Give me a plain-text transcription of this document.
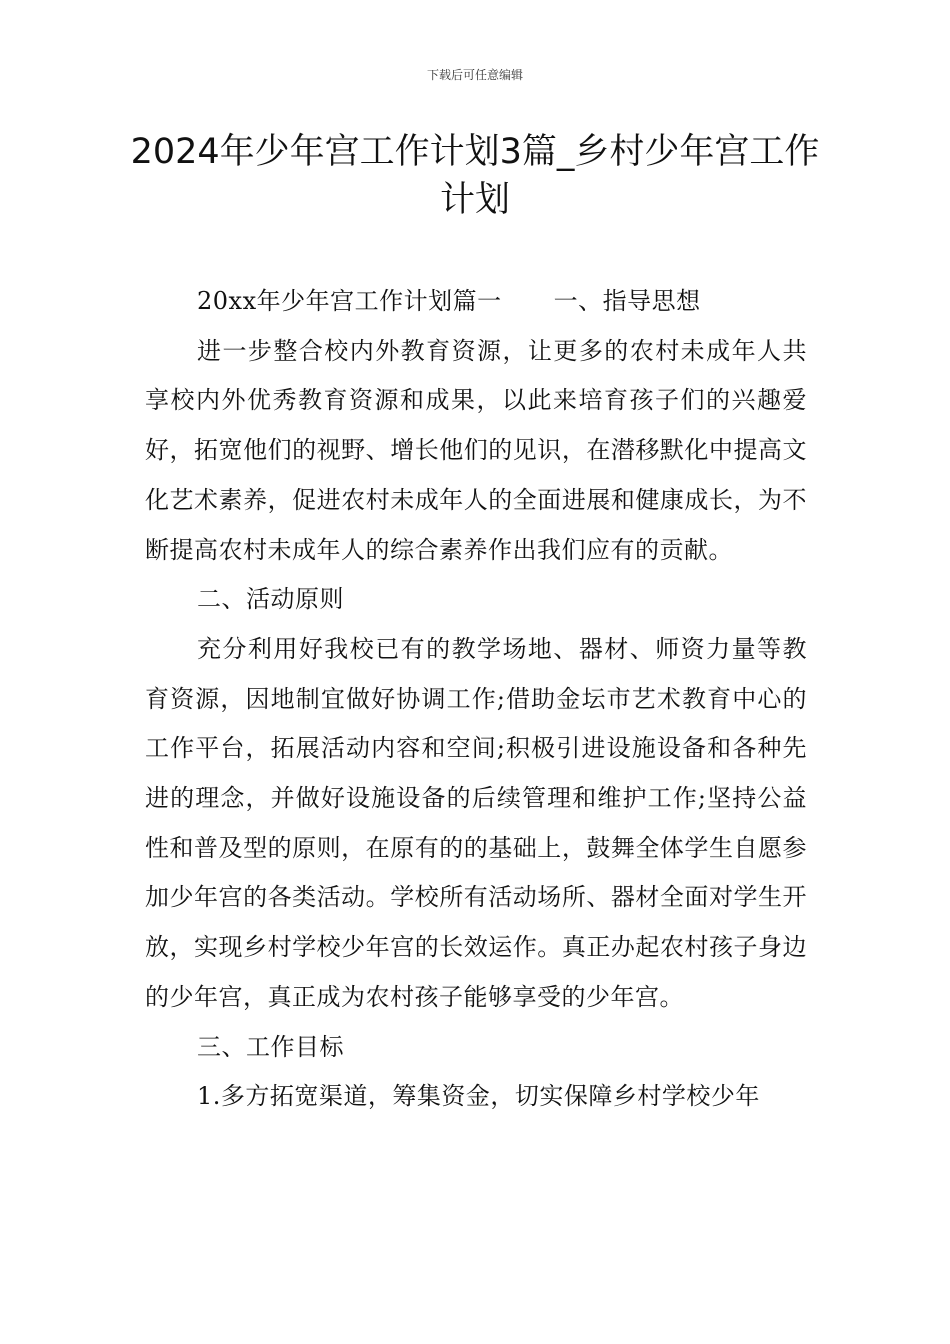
下载后可任意编辑
2024年少年宫工作计划3篇_乡村少年宫工作计划

20xx年少年宫工作计划篇一 一、指导思想

进一步整合校内外教育资源，让更多的农村未成年人共享校内外优秀教育资源和成果，以此来培育孩子们的兴趣爱好，拓宽他们的视野、增长他们的见识，在潜移默化中提高文化艺术素养，促进农村未成年人的全面进展和健康成长，为不断提高农村未成年人的综合素养作出我们应有的贡献。

二、活动原则

充分利用好我校已有的教学场地、器材、师资力量等教育资源，因地制宜做好协调工作;借助金坛市艺术教育中心的工作平台，拓展活动内容和空间;积极引进设施设备和各种先进的理念，并做好设施设备的后续管理和维护工作;坚持公益性和普及型的原则，在原有的的基础上，鼓舞全体学生自愿参加少年宫的各类活动。学校所有活动场所、器材全面对学生开放，实现乡村学校少年宫的长效运作。真正办起农村孩子身边的少年宫，真正成为农村孩子能够享受的少年宫。

三、工作目标

1.多方拓宽渠道，筹集资金，切实保障乡村学校少年
